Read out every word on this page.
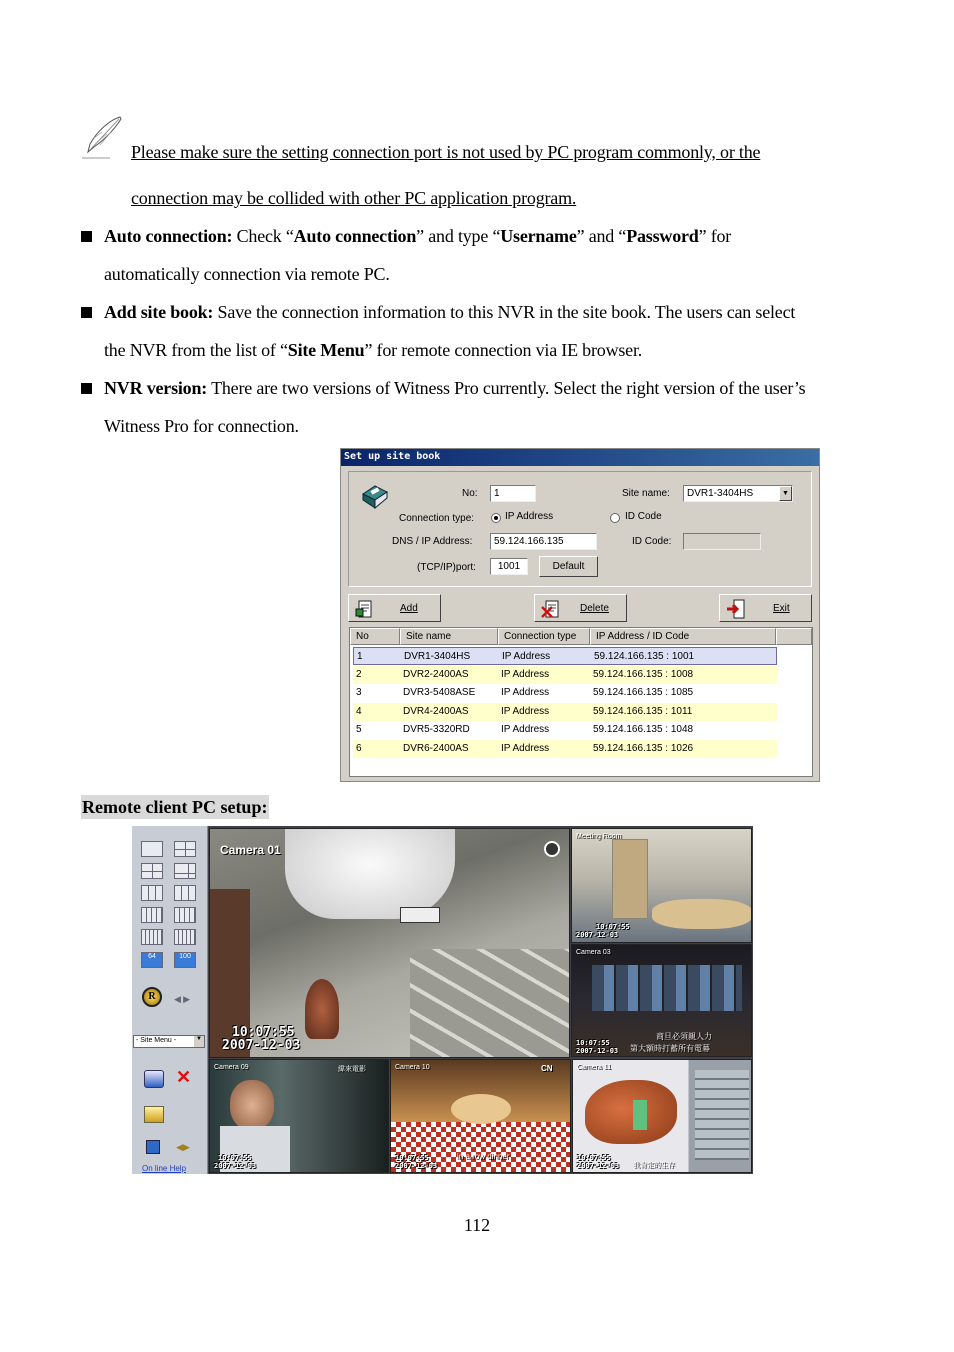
Please make sure the setting connection port is not used by PC program commonly, or the
connection may be collided with other PC application program.
Auto connection: Check “Auto connection” and type “Username” and “Password” for
automatically connection via remote PC.
Add site book: Save the connection information to this NVR in the site book. The users can select
the NVR from the list of “Site Menu” for remote connection via IE browser.
NVR version: There are two versions of Witness Pro currently. Select the right version of the user’s
Witness Pro for connection.
Set up site book
No:	1	Site name:	DVR1-3404HS	▼
Connection type:	IP Address	ID Code
DNS / IP Address:	59.124.166.135	ID Code:
(TCP/IP)port:	1001	Default
Add	Delete	Exit
No	Site name	Connection type	IP Address / ID Code
1	DVR1-3404HS	IP Address	59.124.166.135 : 1001
2	DVR2-2400AS	IP Address	59.124.166.135 : 1008
3	DVR3-5408ASE	IP Address	59.124.166.135 : 1085
4	DVR4-2400AS	IP Address	59.124.166.135 : 1011
5	DVR5-3320RD	IP Address	59.124.166.135 : 1048
6	DVR6-2400AS	IP Address	59.124.166.135 : 1026
Remote client PC setup:
64	100
R	◀ ▶
- Site Menu -	▼
✕
◀▶
On line Help
Camera 01
10:07:55
2007-12-03
Meeting Room
10:07:55
2007-12-03
Camera 03
商旦必須親人力
第大額時打蓄所有電幕
10:07:55
2007-12-03
Camera 09	緯來電影
10:07:55
2007-12-03
Camera 10	CN
in a row dinner
10:07:55
2007-12-03
Camera 11
我肯定的生存
10:07:55
2007-12-03
112
